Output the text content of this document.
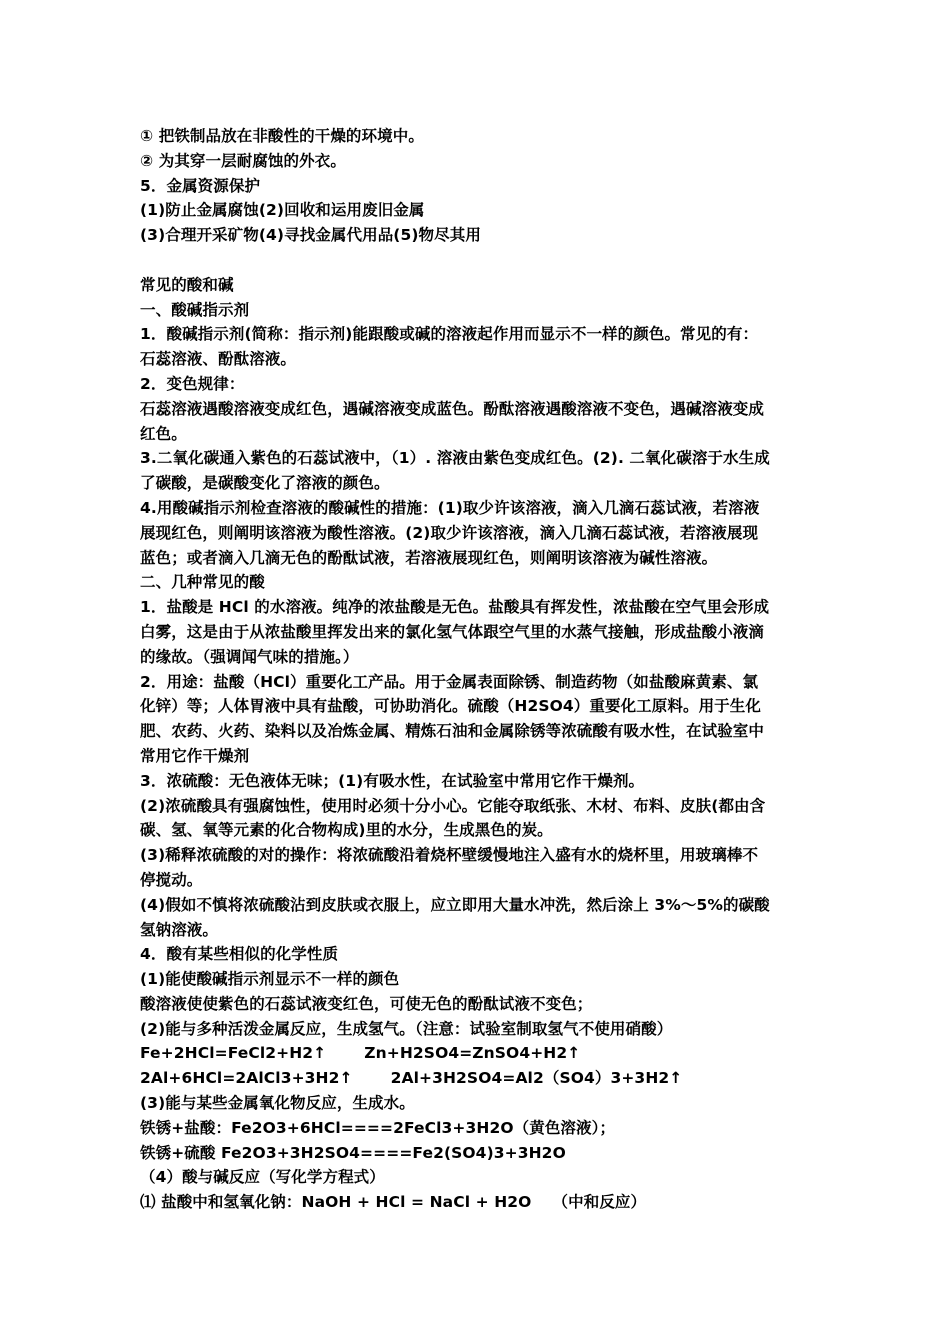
① 把铁制品放在非酸性的干燥的环境中。
② 为其穿一层耐腐蚀的外衣。
5．金属资源保护
(1)防止金属腐蚀(2)回收和运用废旧金属
(3)合理开采矿物(4)寻找金属代用品(5)物尽其用
常见的酸和碱
一、酸碱指示剂
1．酸碱指示剂(简称：指示剂)能跟酸或碱的溶液起作用而显示不一样的颜色。常见的有：
石蕊溶液、酚酞溶液。
2．变色规律：
石蕊溶液遇酸溶液变成红色，遇碱溶液变成蓝色。酚酞溶液遇酸溶液不变色，遇碱溶液变成
红色。
3.二氧化碳通入紫色的石蕊试液中，（1）. 溶液由紫色变成红色。(2). 二氧化碳溶于水生成
了碳酸，是碳酸变化了溶液的颜色。
4.用酸碱指示剂检查溶液的酸碱性的措施：(1)取少许该溶液，滴入几滴石蕊试液，若溶液
展现红色，则阐明该溶液为酸性溶液。(2)取少许该溶液，滴入几滴石蕊试液，若溶液展现
蓝色；或者滴入几滴无色的酚酞试液，若溶液展现红色，则阐明该溶液为碱性溶液。
二、几种常见的酸
1．盐酸是 HCl 的水溶液。纯净的浓盐酸是无色。盐酸具有挥发性，浓盐酸在空气里会形成
白雾，这是由于从浓盐酸里挥发出来的氯化氢气体跟空气里的水蒸气接触，形成盐酸小液滴
的缘故。（强调闻气味的措施。）
2．用途：盐酸（HCl）重要化工产品。用于金属表面除锈、制造药物（如盐酸麻黄素、氯
化锌）等；人体胃液中具有盐酸，可协助消化。硫酸（H2SO4）重要化工原料。用于生化
肥、农药、火药、染料以及冶炼金属、精炼石油和金属除锈等浓硫酸有吸水性，在试验室中
常用它作干燥剂
3．浓硫酸：无色液体无味；(1)有吸水性，在试验室中常用它作干燥剂。
(2)浓硫酸具有强腐蚀性，使用时必须十分小心。它能夺取纸张、木材、布料、皮肤(都由含
碳、氢、氧等元素的化合物构成)里的水分，生成黑色的炭。
(3)稀释浓硫酸的对的操作：将浓硫酸沿着烧杯壁缓慢地注入盛有水的烧杯里，用玻璃棒不
停搅动。
(4)假如不慎将浓硫酸沾到皮肤或衣服上，应立即用大量水冲洗，然后涂上 3%～5%的碳酸
氢钠溶液。
4．酸有某些相似的化学性质
(1)能使酸碱指示剂显示不一样的颜色
酸溶液使使紫色的石蕊试液变红色，可使无色的酚酞试液不变色；
(2)能与多种活泼金属反应，生成氢气。（注意：试验室制取氢气不使用硝酸）
Fe+2HCl=FeCl2+H2↑ Zn+H2SO4=ZnSO4+H2↑
2Al+6HCl=2AlCl3+3H2↑ 2Al+3H2SO4=Al2（SO4）3+3H2↑
(3)能与某些金属氧化物反应，生成水。
铁锈+盐酸：Fe2O3+6HCl====2FeCl3+3H2O（黄色溶液）；
铁锈+硫酸 Fe2O3+3H2SO4====Fe2(SO4)3+3H2O
（4）酸与碱反应（写化学方程式）
⑴ 盐酸中和氢氧化钠：NaOH + HCl = NaCl + H2O　 （中和反应）
